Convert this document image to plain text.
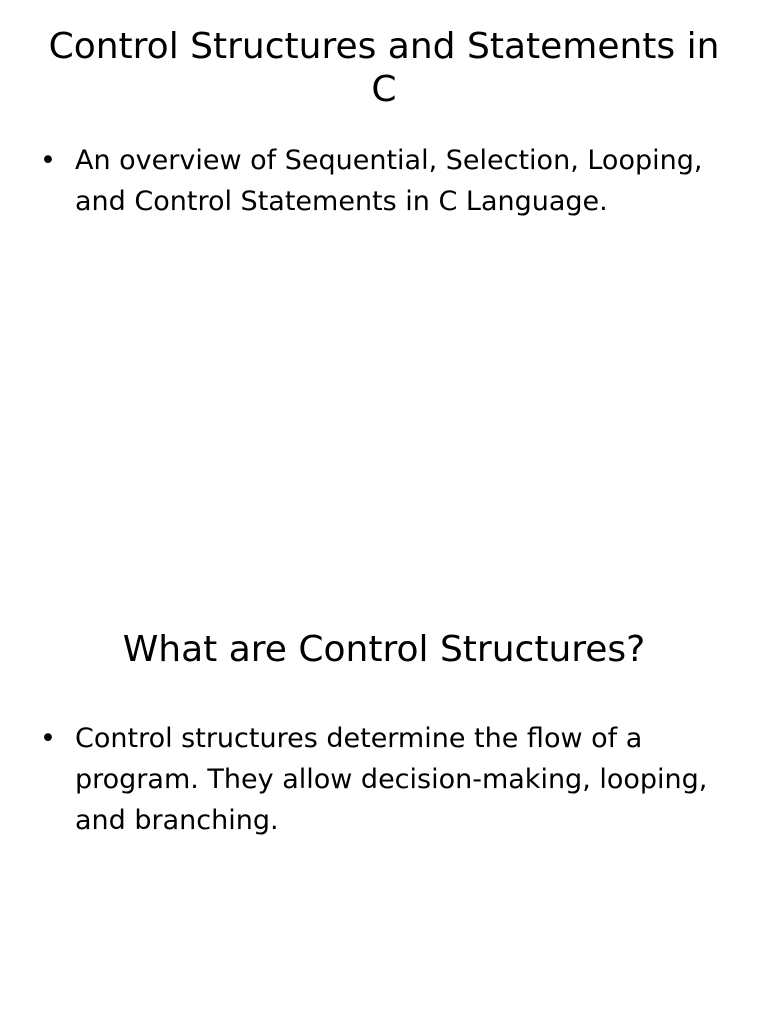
Control Structures and Statements in C
• An overview of Sequential, Selection, Looping, and Control Statements in C Language.
What are Control Structures?
• Control structures determine the flow of a program. They allow decision-making, looping, and branching.
